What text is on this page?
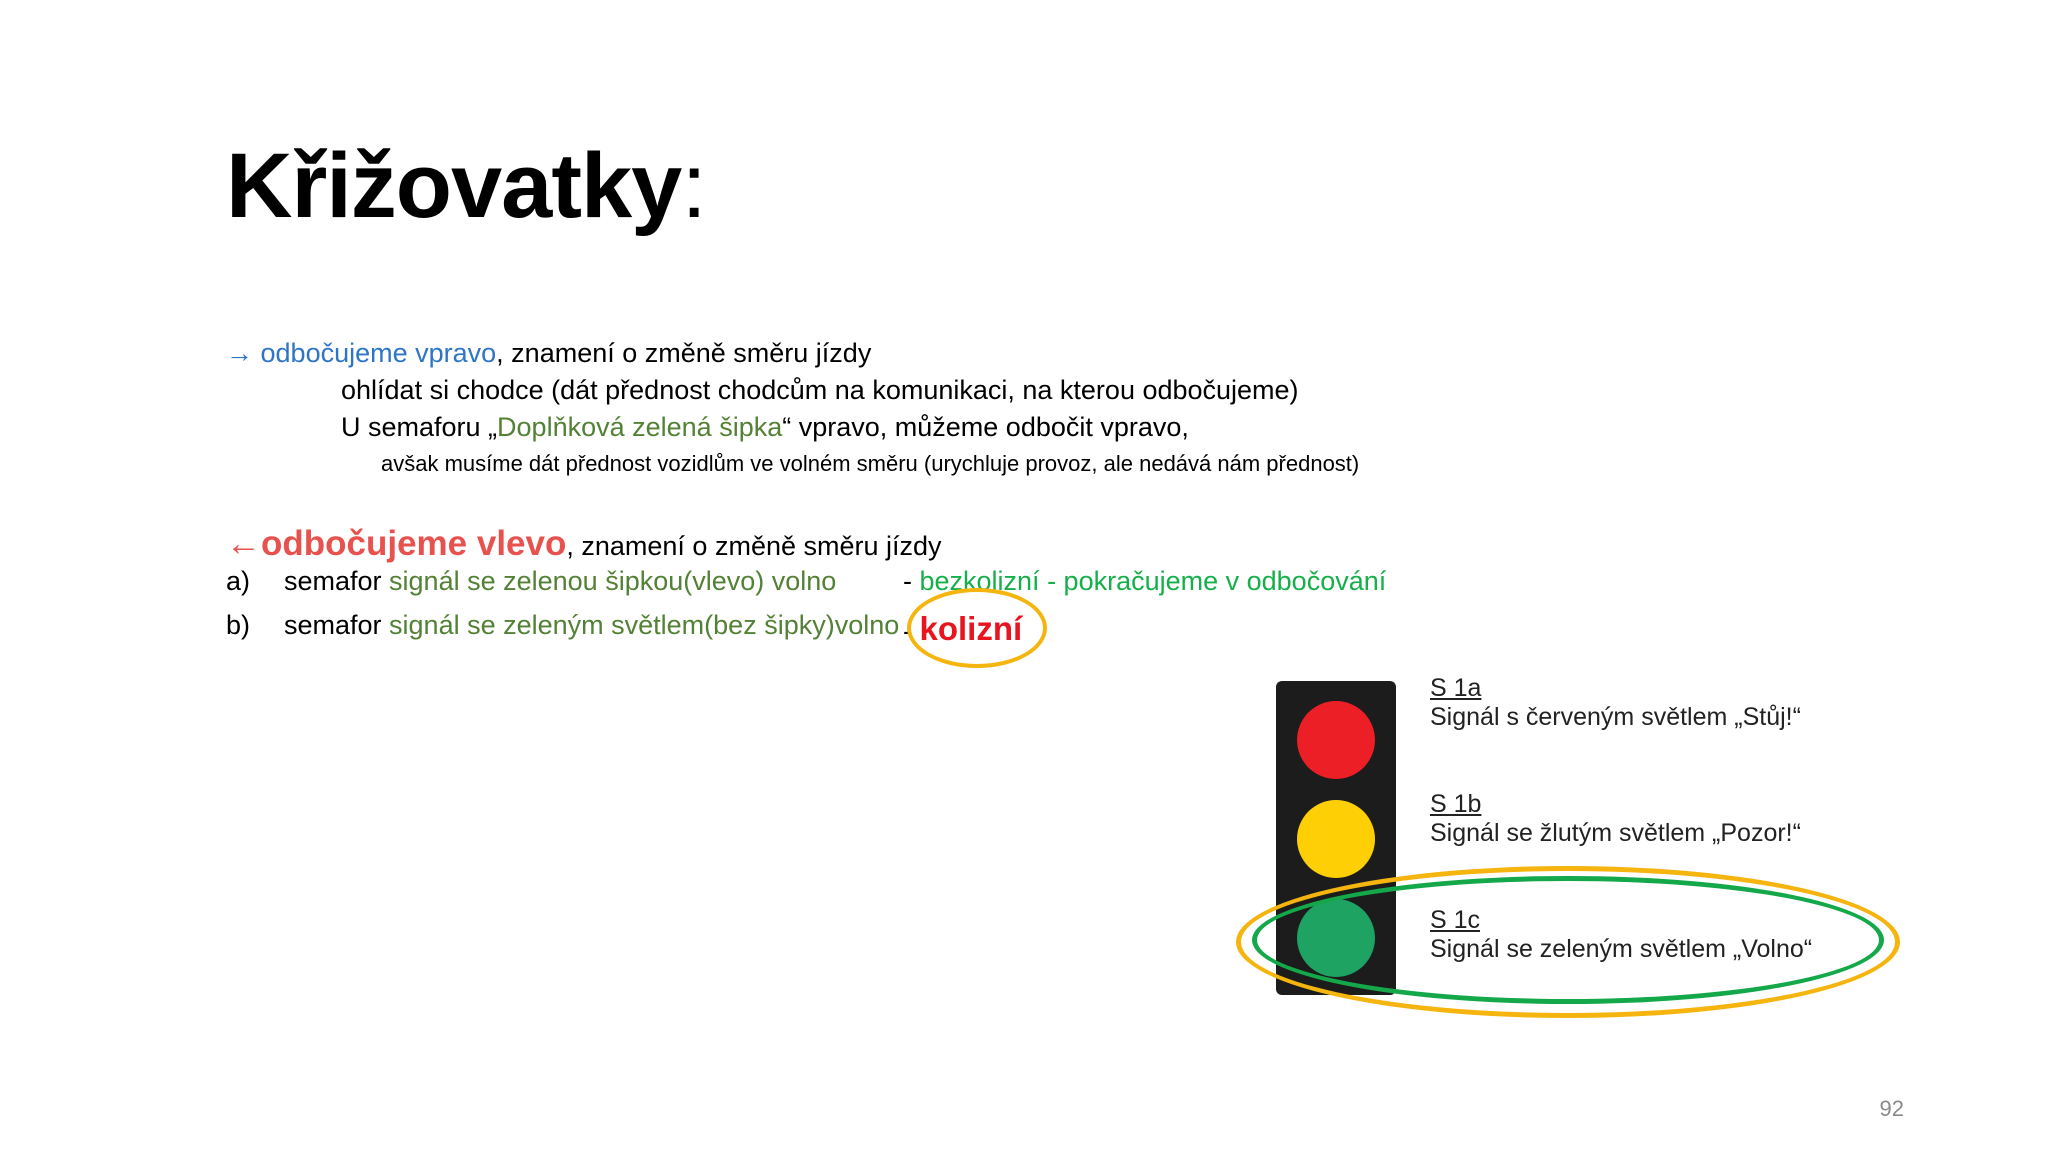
Křižovatky:
→ odbočujeme vpravo, znamení o změně směru jízdy
ohlídat si chodce (dát přednost chodcům na komunikaci, na kterou odbočujeme)
U semaforu „Doplňková zelená šipka“ vpravo, můžeme odbočit vpravo,
avšak musíme dát přednost vozidlům ve volném směru (urychluje provoz, ale nedává nám přednost)
←odbočujeme vlevo, znamení o změně směru jízdy
a) semafor signál se zelenou šipkou(vlevo) volno - bezkolizní - pokračujeme v odbočování
b) semafor signál se zeleným světlem(bez šipky)volno - kolizní
S 1a
Signál s červeným světlem „Stůj!“
S 1b
Signál se žlutým světlem „Pozor!“
S 1c
Signál se zeleným světlem „Volno“
92
